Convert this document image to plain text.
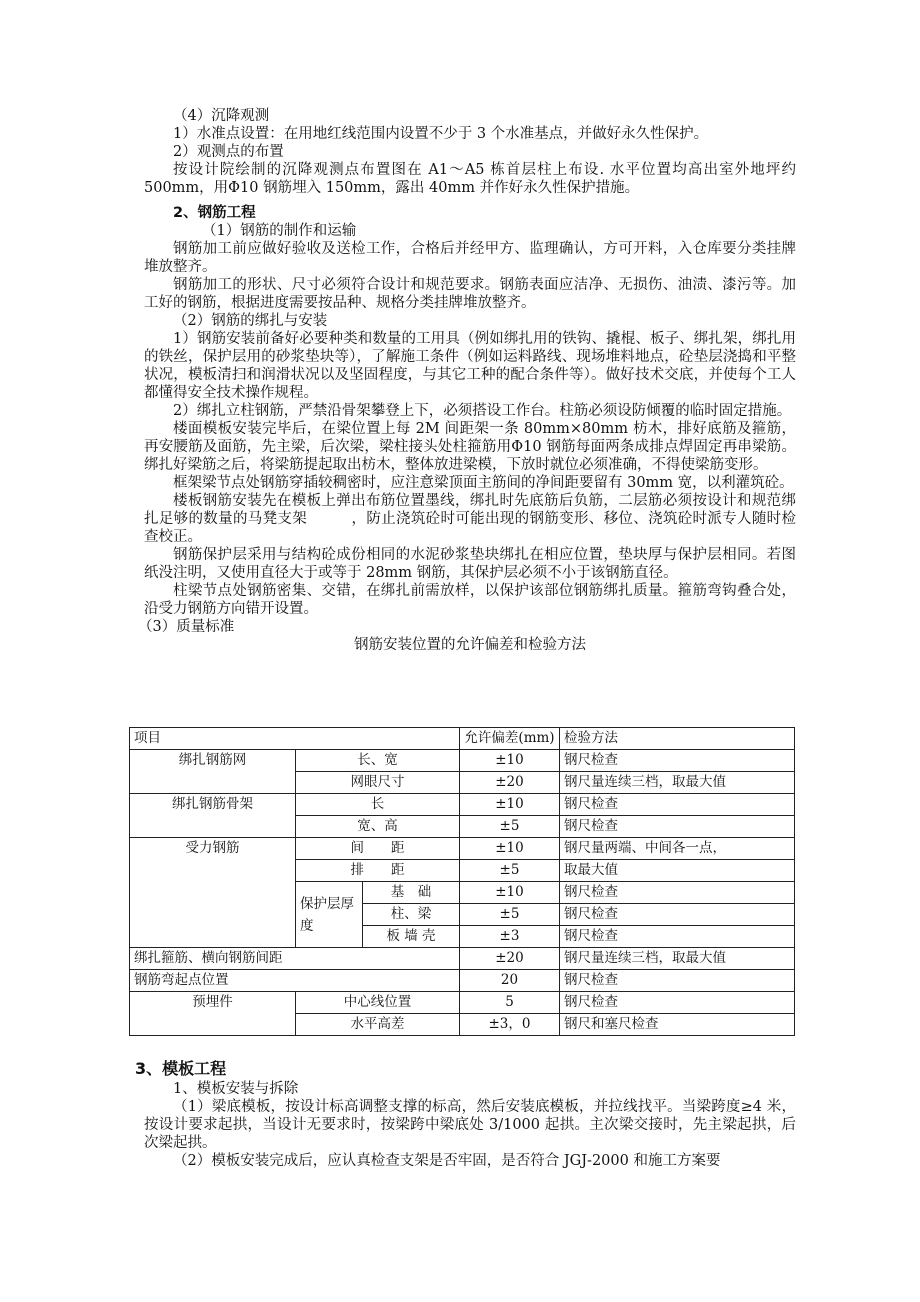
（4）沉降观测

1）水准点设置：在用地红线范围内设置不少于 3 个水准基点，并做好永久性保护。

2）观测点的布置

按设计院绘制的沉降观测点布置图在 A1～A5 栋首层柱上布设. 水平位置均高出室外地坪约 500mm，用Φ10 钢筋埋入 150mm，露出 40mm 并作好永久性保护措施。

2、钢筋工程

（1）钢筋的制作和运输

钢筋加工前应做好验收及送检工作，合格后并经甲方、监理确认，方可开料，入仓库要分类挂牌堆放整齐。

钢筋加工的形状、尺寸必须符合设计和规范要求。钢筋表面应洁净、无损伤、油渍、漆污等。加工好的钢筋，根据进度需要按品种、规格分类挂牌堆放整齐。

（2）钢筋的绑扎与安装

1）钢筋安装前备好必要种类和数量的工用具（例如绑扎用的铁钩、撬棍、板子、绑扎架，绑扎用的铁丝，保护层用的砂浆垫块等），了解施工条件（例如运料路线、现场堆料地点，砼垫层浇捣和平整状况，模板清扫和润滑状况以及坚固程度，与其它工种的配合条件等）。做好技术交底，并使每个工人都懂得安全技术操作规程。

2）绑扎立柱钢筋，严禁沿骨架攀登上下，必须搭设工作台。柱筋必须设防倾覆的临时固定措施。

楼面模板安装完毕后，在梁位置上每 2M 间距架一条 80mm×80mm 枋木，排好底筋及箍筋，再安腰筋及面筋，先主梁，后次梁，梁柱接头处柱箍筋用Φ10 钢筋每面两条成排点焊固定再串梁筋。绑扎好梁筋之后，将梁筋提起取出枋木，整体放进梁模，下放时就位必须准确，不得使梁筋变形。

框架梁节点处钢筋穿插较稠密时，应注意梁顶面主筋间的净间距要留有 30mm 宽，以利灌筑砼。

楼板钢筋安装先在模板上弹出布筋位置墨线，绑扎时先底筋后负筋，二层筋必须按设计和规范绑扎足够的数量的马凳支架　　　，防止浇筑砼时可能出现的钢筋变形、移位、浇筑砼时派专人随时检查校正。

钢筋保护层采用与结构砼成份相同的水泥砂浆垫块绑扎在相应位置，垫块厚与保护层相同。若图纸没注明，又使用直径大于或等于 28mm 钢筋，其保护层必须不小于该钢筋直径。

柱梁节点处钢筋密集、交错，在绑扎前需放样，以保护该部位钢筋绑扎质量。箍筋弯钩叠合处，沿受力钢筋方向错开设置。

（3）质量标准

钢筋安装位置的允许偏差和检验方法

项目			允许偏差(mm)	检验方法
绑扎钢筋网	长、宽		±10	钢尺检查
	网眼尺寸		±20	钢尺量连续三档，取最大值
绑扎钢筋骨架	长		±10	钢尺检查
	宽、高		±5	钢尺检查
受力钢筋	间　　距		±10	钢尺量两端、中间各一点，
	排　　距		±5	取最大值
	保护层厚度	基　础	±10	钢尺检查
		柱、梁	±5	钢尺检查
		板 墙 壳	±3	钢尺检查
绑扎箍筋、横向钢筋间距			±20	钢尺量连续三档，取最大值
钢筋弯起点位置			20	钢尺检查
预埋件	中心线位置		5	钢尺检查
	水平高差		±3，0	钢尺和塞尺检查

3、模板工程

1、模板安装与拆除

（1）梁底模板，按设计标高调整支撑的标高，然后安装底模板，并拉线找平。当梁跨度≥4 米，按设计要求起拱，当设计无要求时，按梁跨中梁底处 3/1000 起拱。主次梁交接时，先主梁起拱，后次梁起拱。

（2）模板安装完成后，应认真检查支架是否牢固，是否符合 JGJ-2000 和施工方案要
